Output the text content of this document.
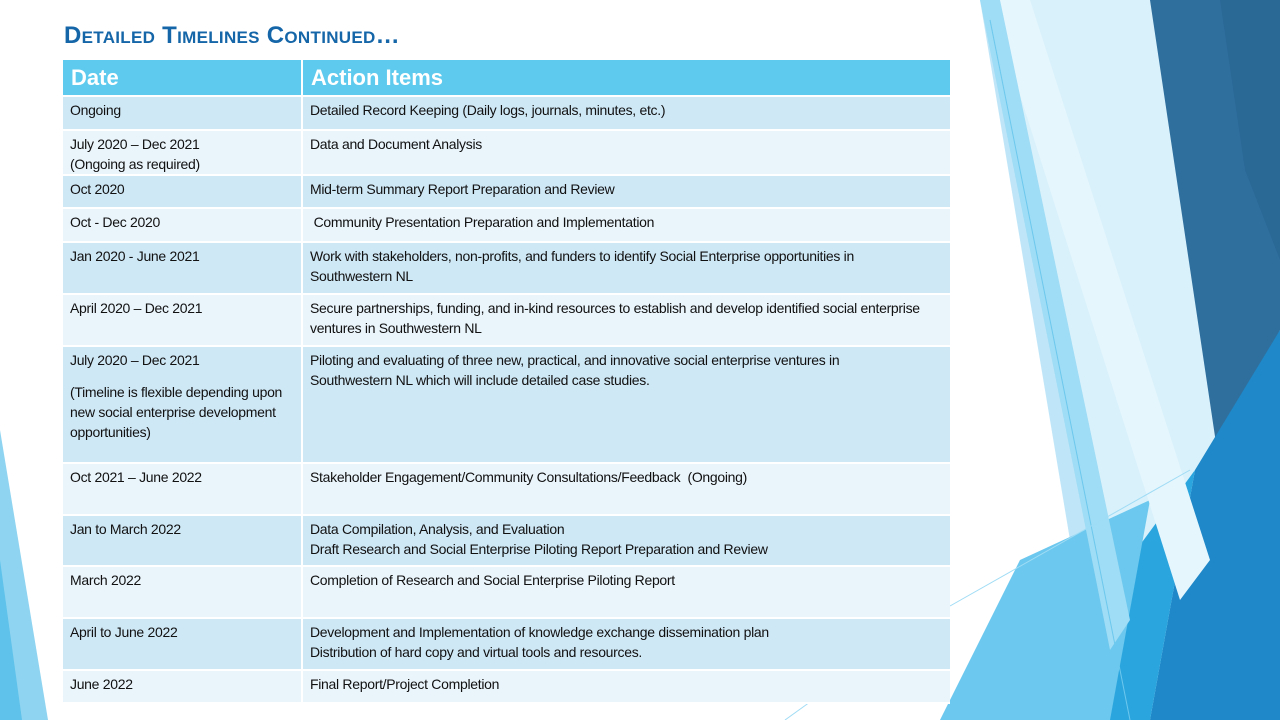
Detailed Timelines Continued…
Date	Action Items

Ongoing	Detailed Record Keeping (Daily logs, journals, minutes, etc.)

July 2020 – Dec 2021
(Ongoing as required)	Data and Document Analysis

Oct 2020	Mid-term Summary Report Preparation and Review

Oct - Dec 2020	Community Presentation Preparation and Implementation

Jan 2020 - June 2021	Work with stakeholders, non-profits, and funders to identify Social Enterprise opportunities in
Southwestern NL

April 2020 – Dec 2021	Secure partnerships, funding, and in-kind resources to establish and develop identified social enterprise
ventures in Southwestern NL

July 2020 – Dec 2021
(Timeline is flexible depending upon
new social enterprise development
opportunities)	Piloting and evaluating of three new, practical, and innovative social enterprise ventures in
Southwestern NL which will include detailed case studies.

Oct 2021 – June 2022	Stakeholder Engagement/Community Consultations/Feedback  (Ongoing)

Jan to March 2022	Data Compilation, Analysis, and Evaluation
Draft Research and Social Enterprise Piloting Report Preparation and Review

March 2022	Completion of Research and Social Enterprise Piloting Report

April to June 2022	Development and Implementation of knowledge exchange dissemination plan
Distribution of hard copy and virtual tools and resources.

June 2022	Final Report/Project Completion
